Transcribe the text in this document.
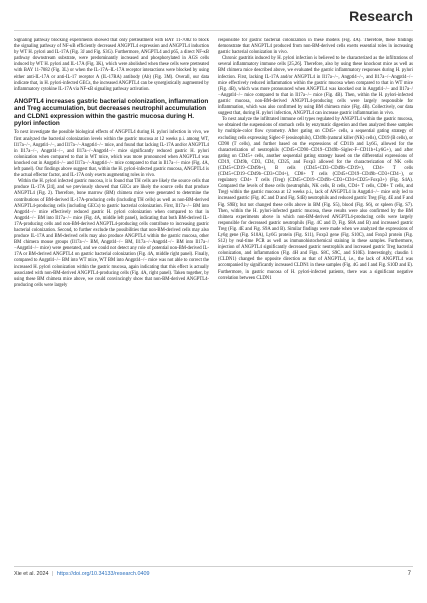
Research

Signaling pathway blocking experiments showed that only pretreatment with BAY 11-7082 to block the signaling pathway of NF-κB efficiently decreased ANGPTL4 expression and ANGPTL4 induction by WT H. pylori and IL-17A (Fig. 3J and Fig. S3G). Furthermore, ANGPTL4 and p65, a direct NF-κB pathway downstream substrate, were predominantly increased and phosphorylated in AGS cells induced by WT H. pylori and IL-17A (Fig. 3K), which were abolished when these cells were pretreated with BAY 11-7082 (Fig. 3L) or when the IL-17A–IL-17A receptor interactions were blocked by using either anti-IL-17A or anti-IL-17 receptor A (IL-17RA) antibody (Ab) (Fig. 3M). Overall, our data indicate that, in H. pylori-infected GECs, the increased ANGPTL4 can be synergistically augmented by inflammatory cytokine IL-17A via NF-κB signaling pathway activation.

ANGPTL4 increases gastric bacterial colonization, inflammation and Treg accumulation, but decreases neutrophil accumulation and CLDN1 expression within the gastric mucosa during H. pylori infection

To next investigate the possible biological effects of ANGPTL4 during H. pylori infection in vivo, we first analyzed the bacterial colonization levels within the gastric mucosa at 12 weeks p.i. among WT, Il17a−/−, Angptl4−/−, and Il17a−/−Angptl4−/− mice, and found that lacking IL-17A and/or ANGPTL4 in Il17a−/−, Angptl4−/−, and Il17a−/−Angptl4−/− mice significantly reduced gastric H. pylori colonization when compared to that in WT mice, which was more pronounced when ANGPTL4 was knocked out in Angptl4−/− and Il17a−/−Angptl4−/− mice compared to that in Il17a−/− mice (Fig. 4A, left panel). Our findings above suggest that, within the H. pylori-infected gastric mucosa, ANGPTL4 is the actual effector factor, and IL-17A only exerts augmenting roles in vivo.

Within the H. pylori infected gastric mucosa, it is found that TH cells are likely the source cells that produce IL-17A [24], and we previously showed that GECs are likely the source cells that produce ANGPTL4 (Fig. 2). Therefore, bone marrow (BM) chimera mice were generated to determine the contributions of BM-derived IL-17A-producing cells (including TH cells) as well as non-BM-derived ANGPTL4-producing cells (including GECs) to gastric bacterial colonization. First, Il17a−/− BM into Angptl4−/− mice effectively reduced gastric H. pylori colonization when compared to that in Angptl4−/− BM into Il17a−/− mice (Fig. 4A, middle left panel), indicating that both BM-derived IL-17A-producing cells and non-BM-derived ANGPTL4-producing cells contribute to increasing gastric bacterial colonization. Second, to further exclude the possibilities that non-BM-derived cells may also produce IL-17A and BM-derived cells may also produce ANGPTL4 within the gastric mucosa, other BM chimera mouse groups (Il17a−/− BM, Angptl4−/− BM, Il17a−/−Angptl4−/− BM into Il17a−/−Angptl4−/− mice) were generated, and we could not detect any role of potential non-BM-derived IL-17A or BM-derived ANGPTL4 on gastric bacterial colonization (Fig. 4A, middle right panel). Finally, compared to Angptl4−/− BM into WT mice, WT BM into Angptl4−/− mice was not able to correct the increased H. pylori colonization within the gastric mucosa, again indicating that this effect is actually associated with non-BM-derived ANGPTL4-producing cells (Fig. 4A, right panel). Taken together, by using these BM chimera mice above, we could convincingly show that non-BM-derived ANGPTL4-producing cells were largely

responsible for gastric bacterial colonization in these models (Fig. 4A). Therefore, these findings demonstrate that ANGPTL4 produced from non-BM-derived cells exerts essential roles in increasing gastric bacterial colonization in vivo.

Chronic gastritis induced by H. pylori infection is believed to be characterized as the infiltrations of several inflammatory immune cells [25,26]. Therefore, also by using these knockout mice as well as BM chimera mice described above, we evaluated the gastric inflammatory responses during H. pylori infection. First, lacking IL-17A and/or ANGPTL4 in Il17a−/−, Angptl4−/−, and Il17a−/−Angptl4−/− mice effectively reduced inflammation within the gastric mucosa when compared to that in WT mice (Fig. 4B), which was more pronounced when ANGPTL4 was knocked out in Angptl4−/− and Il17a−/−Angptl4−/− mice compared to that in Il17a−/− mice (Fig. 4B). Then, within the H. pylori-infected gastric mucosa, non-BM-derived ANGPTL4-producing cells were largely responsible for inflammation, which was also confirmed by using BM chimera mice (Fig. 4B). Collectively, our data suggest that, during H. pylori infection, ANGPTL4 can increase gastric inflammation in vivo.

To next analyze the infiltrated immune cell types regulated by ANGPTL4 within the gastric mucosa, we obtained the suspensions of stomach cells by enzymatic digestion and then analyzed these samples by multiple-color flow cytometry. After gating on CD45+ cells, a sequential gating strategy of excluding cells expressing Siglec-F (eosinophils), CD49b (natural killer (NK) cells), CD19 (B cells), or CD90 (T cells), and further based on the expressions of CD11b and Ly6G, allowed for the characterization of neutrophils (CD45+CD90−CD19−CD49b−Siglec-F−CD11b+Ly6G+), and after gating on CD45+ cells, another sequential gating strategy based on the differential expressions of CD19, CD49b, CD3, CD4, CD25, and Foxp3 allowed for the characterization of NK cells (CD45+CD19−CD49b+), B cells (CD45+CD3−CD49b−CD19+), CD4+ T cells (CD45+CD19−CD49b−CD3+CD4+), CD8+ T cells (CD45+CD19−CD49b−CD3+CD4−), or regulatory CD4+ T cells (Treg) (CD45+CD19−CD49b−CD3+CD4+CD25+Foxp3+) (Fig. S4A). Compared the levels of these cells (neutrophils, NK cells, B cells, CD4+ T cells, CD8+ T cells, and Treg) within the gastric mucosa at 12 weeks p.i., lack of ANGPTL4 in Angptl4−/− mice only led to increased gastric (Fig. 4C and D and Fig. S4B) neutrophils and reduced gastric Treg (Fig. 4E and F and Fig. S9B); but not changed these cells above in BM (Fig. S5), blood (Fig. S6), or spleen (Fig. S7). Then, within the H. pylori-infected gastric mucosa, these results were also confirmed by the BM chimera experiments above in which non-BM-derived ANGPTL4-producing cells were largely responsible for decreased gastric neutrophils (Fig. 4C and D, Fig. S8A and B) and increased gastric Treg (Fig. 4E and Fig. S9A and B). Similar findings were made when we analyzed the expressions of Ly6g gene (Fig. S10A), Ly6G protein (Fig. S11), Foxp3 gene (Fig. S10C), and Foxp3 protein (Fig. S12) by real-time PCR as well as immunohistochemical staining in these samples. Furthermore, injection of ANGPTL4 significantly decreased gastric neutrophils and increased gastric Treg bacterial colonization, and inflammation (Fig. 4H and Figs. S8C, S9C, and S10E). Interestingly, claudin 1 (CLDN1) changed the opposite direction as that of ANGPTL4, i.e., the lack of ANGPTL4 was accompanied by significantly increased CLDN1 in these samples (Fig. 4G and I and Fig. S10D and E). Furthermore, in gastric mucosa of H. pylori-infected patients, there was a significant negative correlation between CLDN1

Xie et al. 2024 | https://doi.org/10.34133/research.0409	7
